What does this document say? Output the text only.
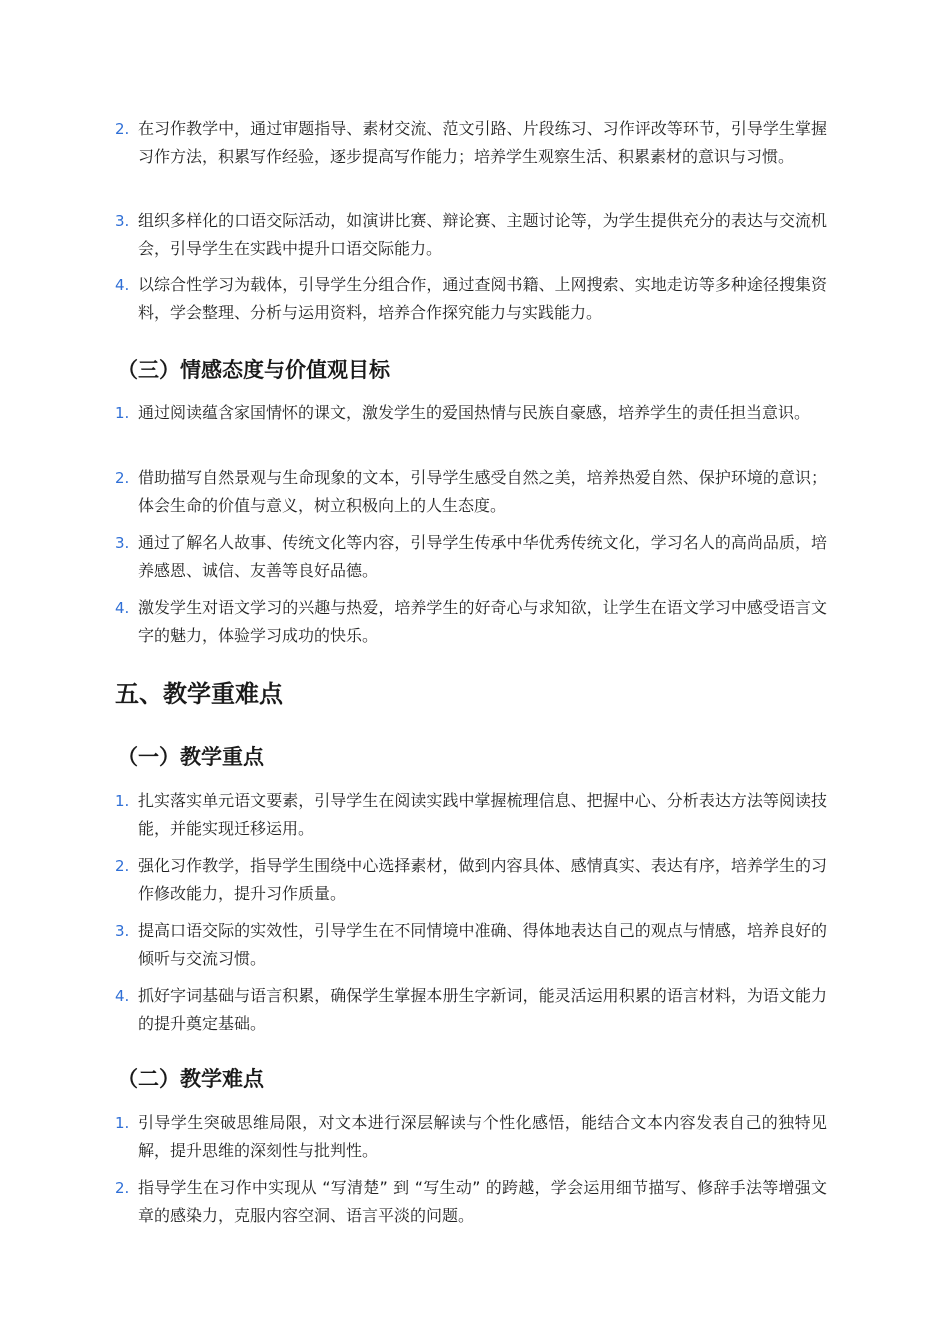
2. 在习作教学中，通过审题指导、素材交流、范文引路、片段练习、习作评改等环节，引导学生掌握习作方法，积累写作经验，逐步提高写作能力；培养学生观察生活、积累素材的意识与习惯。
3. 组织多样化的口语交际活动，如演讲比赛、辩论赛、主题讨论等，为学生提供充分的表达与交流机会，引导学生在实践中提升口语交际能力。
4. 以综合性学习为载体，引导学生分组合作，通过查阅书籍、上网搜索、实地走访等多种途径搜集资料，学会整理、分析与运用资料，培养合作探究能力与实践能力。
（三）情感态度与价值观目标
1. 通过阅读蕴含家国情怀的课文，激发学生的爱国热情与民族自豪感，培养学生的责任担当意识。
2. 借助描写自然景观与生命现象的文本，引导学生感受自然之美，培养热爱自然、保护环境的意识；体会生命的价值与意义，树立积极向上的人生态度。
3. 通过了解名人故事、传统文化等内容，引导学生传承中华优秀传统文化，学习名人的高尚品质，培养感恩、诚信、友善等良好品德。
4. 激发学生对语文学习的兴趣与热爱，培养学生的好奇心与求知欲，让学生在语文学习中感受语言文字的魅力，体验学习成功的快乐。
五、教学重难点
（一）教学重点
1. 扎实落实单元语文要素，引导学生在阅读实践中掌握梳理信息、把握中心、分析表达方法等阅读技能，并能实现迁移运用。
2. 强化习作教学，指导学生围绕中心选择素材，做到内容具体、感情真实、表达有序，培养学生的习作修改能力，提升习作质量。
3. 提高口语交际的实效性，引导学生在不同情境中准确、得体地表达自己的观点与情感，培养良好的倾听与交流习惯。
4. 抓好字词基础与语言积累，确保学生掌握本册生字新词，能灵活运用积累的语言材料，为语文能力的提升奠定基础。
（二）教学难点
1. 引导学生突破思维局限，对文本进行深层解读与个性化感悟，能结合文本内容发表自己的独特见解，提升思维的深刻性与批判性。
2. 指导学生在习作中实现从 “写清楚” 到 “写生动” 的跨越，学会运用细节描写、修辞手法等增强文章的感染力，克服内容空洞、语言平淡的问题。
